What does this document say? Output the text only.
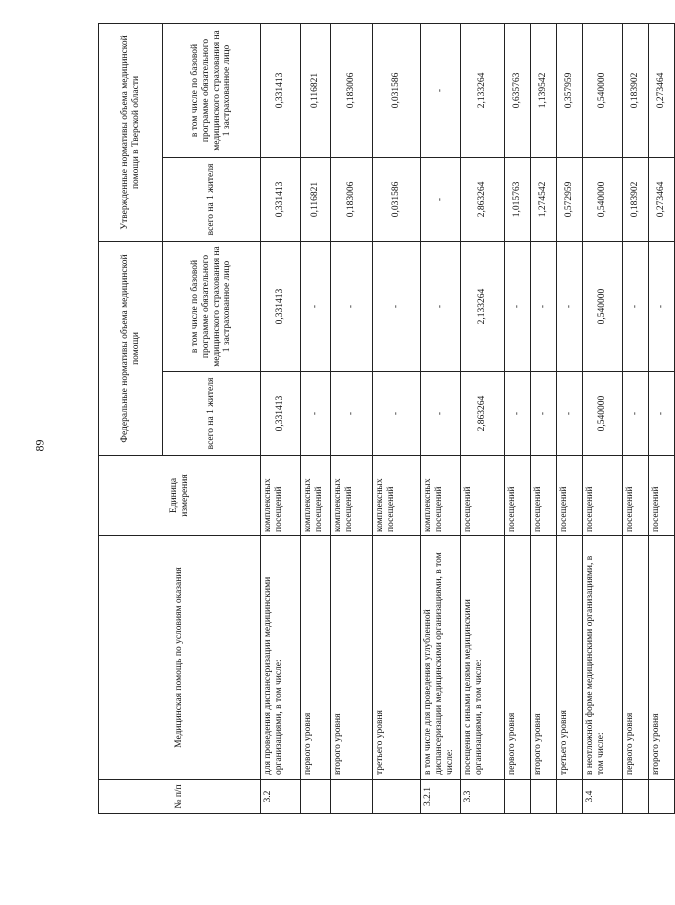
89
№ п/п	Медицинская помощь по условиям оказания	Единица измерения	Федеральные нормативы объема медицинской помощи		Утвержденные нормативы объема медицинской помощи в Тверской области	
			всего на 1 жителя	в том числе по базовой программе обязательного медицинского страхования на 1 застрахованное лицо	всего на 1 жителя	в том числе по базовой программе обязательного медицинского страхования на 1 застрахованное лицо
3.2	для проведения диспансеризации медицинскими организациями, в том числе:	комплексных посещений	0,331413	0,331413	0,331413	0,331413
	первого уровня	комплексных посещений	-	-	0,116821	0,116821
	второго уровня	комплексных посещений	-	-	0,183006	0,183006
	третьего уровня	комплексных посещений	-	-	0,031586	0,031586
3.2.1	в том числе для проведения углубленной диспансеризации медицинскими организациями, в том числе:	комплексных посещений	-	-	-	-
3.3	посещения с иными целями медицинскими организациями, в том числе:	посещений	2,863264	2,133264	2,863264	2,133264
	первого уровня	посещений	-	-	1,015763	0,635763
	второго уровня	посещений	-	-	1,274542	1,139542
	третьего уровня	посещений	-	-	0,572959	0,357959
3.4	в неотложной форме медицинскими организациями, в том числе:	посещений	0,540000	0,540000	0,540000	0,540000
	первого уровня	посещений	-	-	0,183902	0,183902
	второго уровня	посещений	-	-	0,273464	0,273464
